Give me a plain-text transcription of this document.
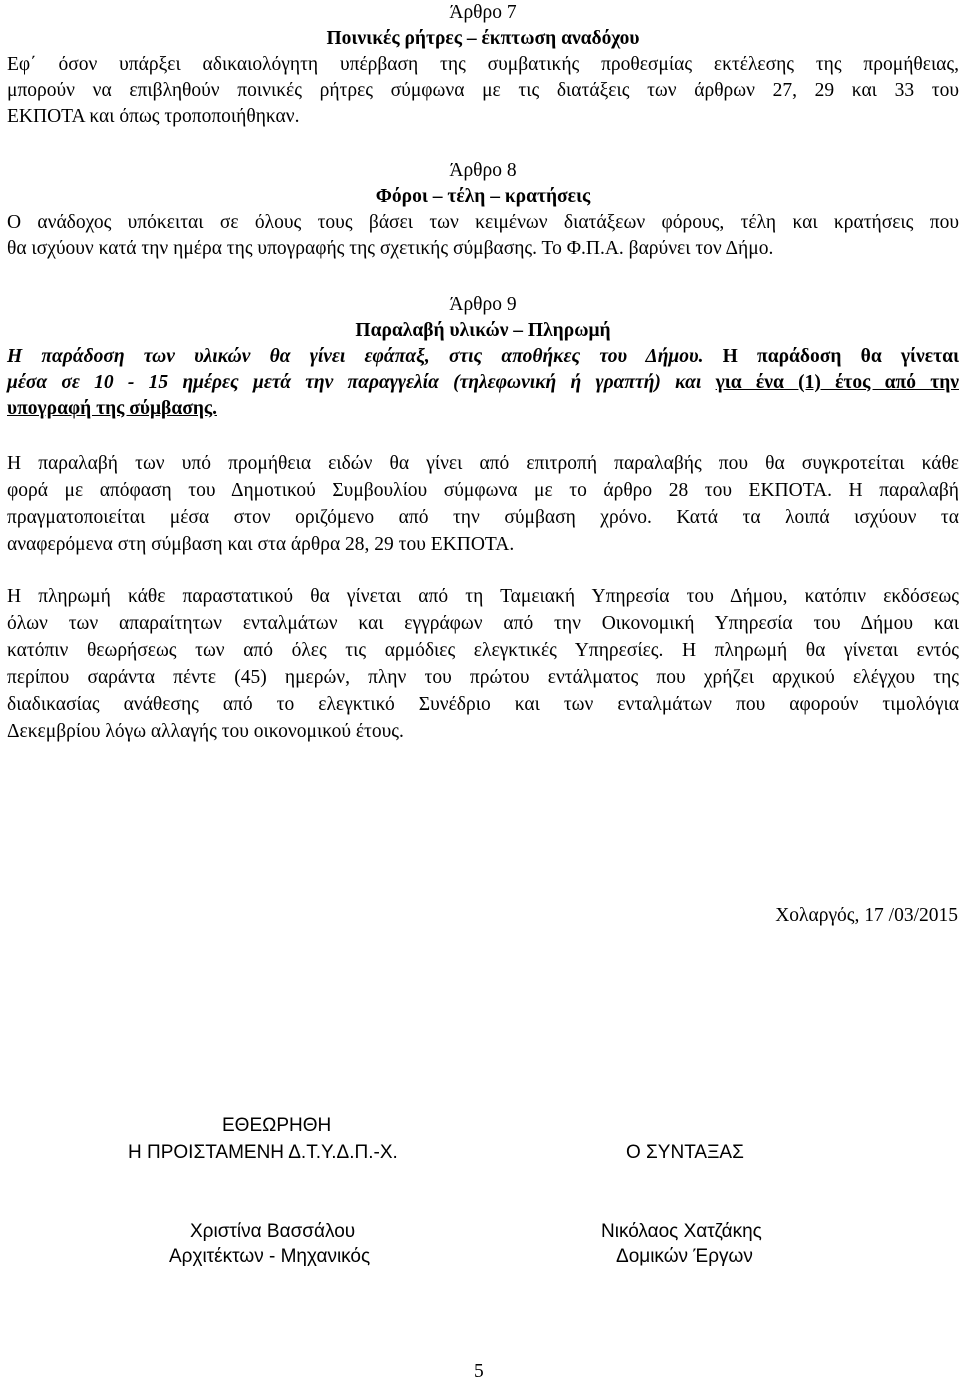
Άρθρο 7
Ποινικές ρήτρες – έκπτωση αναδόχου
Εφ΄ όσον υπάρξει αδικαιολόγητη υπέρβαση της συμβατικής προθεσμίας εκτέλεσης της προμήθειας,
μπορούν να επιβληθούν ποινικές ρήτρες σύμφωνα με τις διατάξεις των άρθρων 27, 29 και 33 του
ΕΚΠΟΤΑ και όπως τροποποιήθηκαν.
Άρθρο 8
Φόροι – τέλη – κρατήσεις
Ο ανάδοχος υπόκειται σε όλους τους βάσει των κειμένων διατάξεων φόρους, τέλη και κρατήσεις που
θα ισχύουν κατά την ημέρα της υπογραφής της σχετικής σύμβασης. Το Φ.Π.Α. βαρύνει τον Δήμο.
Άρθρο 9
Παραλαβή υλικών – Πληρωμή
Η παράδοση των υλικών θα γίνει εφάπαξ, στις αποθήκες του Δήμου. Η παράδοση θα γίνεται
μέσα σε 10 - 15 ημέρες μετά την παραγγελία (τηλεφωνική ή γραπτή) και για ένα (1) έτος από την
υπογραφή της σύμβασης.
Η παραλαβή των υπό προμήθεια ειδών θα γίνει από επιτροπή παραλαβής που θα συγκροτείται κάθε
φορά με απόφαση του Δημοτικού Συμβουλίου σύμφωνα με το άρθρο 28 του ΕΚΠΟΤΑ. Η παραλαβή
πραγματοποιείται μέσα στον οριζόμενο από την σύμβαση χρόνο. Κατά τα λοιπά ισχύουν τα
αναφερόμενα στη σύμβαση και στα άρθρα 28, 29 του ΕΚΠΟΤΑ.
Η πληρωμή κάθε παραστατικού θα γίνεται από τη Ταμειακή Υπηρεσία του Δήμου, κατόπιν εκδόσεως
όλων των απαραίτητων ενταλμάτων και εγγράφων από την Οικονομική Υπηρεσία του Δήμου και
κατόπιν θεωρήσεως των από όλες τις αρμόδιες ελεγκτικές Υπηρεσίες. Η πληρωμή θα γίνεται εντός
περίπου σαράντα πέντε (45) ημερών, πλην του πρώτου εντάλματος που χρήζει αρχικού ελέγχου της
διαδικασίας ανάθεσης από το ελεγκτικό Συνέδριο και των ενταλμάτων που αφορούν τιμολόγια
Δεκεμβρίου λόγω αλλαγής του οικονομικού έτους.
Χολαργός, 17 /03/2015
ΕΘΕΩΡΗΘΗ
Η ΠΡΟΙΣΤΑΜΕΝΗ Δ.Τ.Υ.Δ.Π.-Χ.	Ο ΣΥΝΤΑΞΑΣ
Χριστίνα Βασσάλου	Νικόλαος Χατζάκης
Αρχιτέκτων - Μηχανικός	Δομικών Έργων
5
